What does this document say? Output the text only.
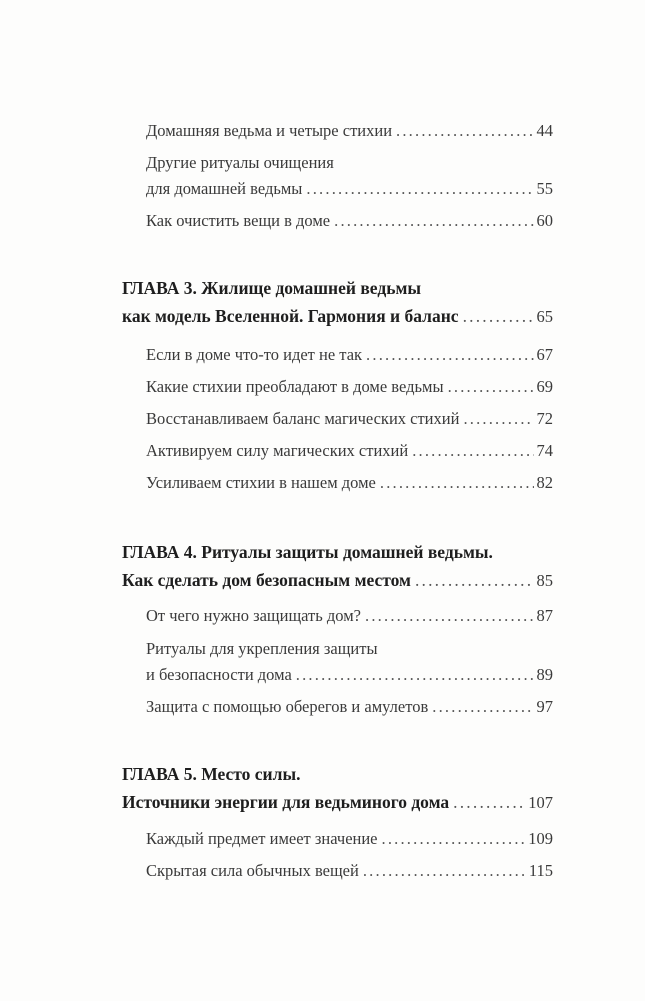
Домашняя ведьма и четыре стихии .....	44
Другие ритуалы очищения
для домашней ведьмы .....	55
Как очистить вещи в доме .....	60
ГЛАВА 3. Жилище домашней ведьмы
как модель Вселенной. Гармония и баланс .....	65
Если в доме что-то идет не так .....	67
Какие стихии преобладают в доме ведьмы .....	69
Восстанавливаем баланс магических стихий .....	72
Активируем силу магических стихий .....	74
Усиливаем стихии в нашем доме .....	82
ГЛАВА 4. Ритуалы защиты домашней ведьмы.
Как сделать дом безопасным местом .....	85
От чего нужно защищать дом? .....	87
Ритуалы для укрепления защиты
и безопасности дома .....	89
Защита с помощью оберегов и амулетов .....	97
ГЛАВА 5. Место силы.
Источники энергии для ведьминого дома .....	107
Каждый предмет имеет значение .....	109
Скрытая сила обычных вещей .....	115
